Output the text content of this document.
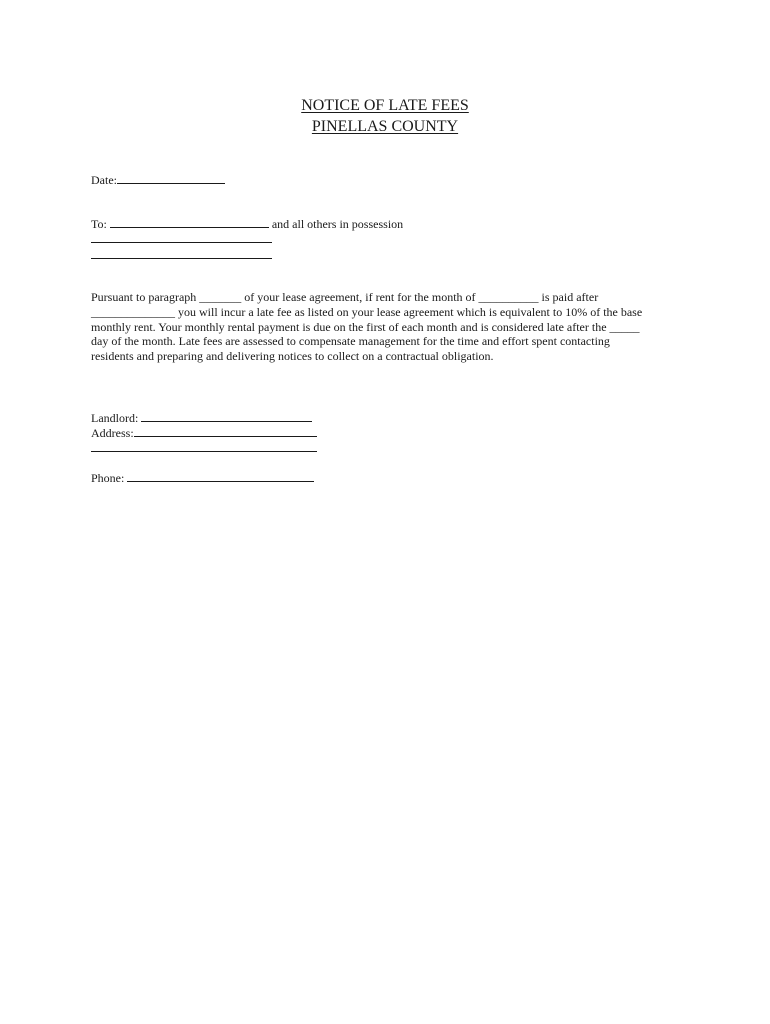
NOTICE OF LATE FEES
PINELLAS COUNTY
Date:
To:	and all others in possession

Pursuant to paragraph _______ of your lease agreement, if rent for the month of __________ is paid after

______________ you will incur a late fee as listed on your lease agreement which is equivalent to 10% of the base

monthly rent. Your monthly rental payment is due on the first of each month and is considered late after the _____

day of the month. Late fees are assessed to compensate management for the time and effort spent contacting

residents and preparing and delivering notices to collect on a contractual obligation.

Landlord:
Address:
Phone:
